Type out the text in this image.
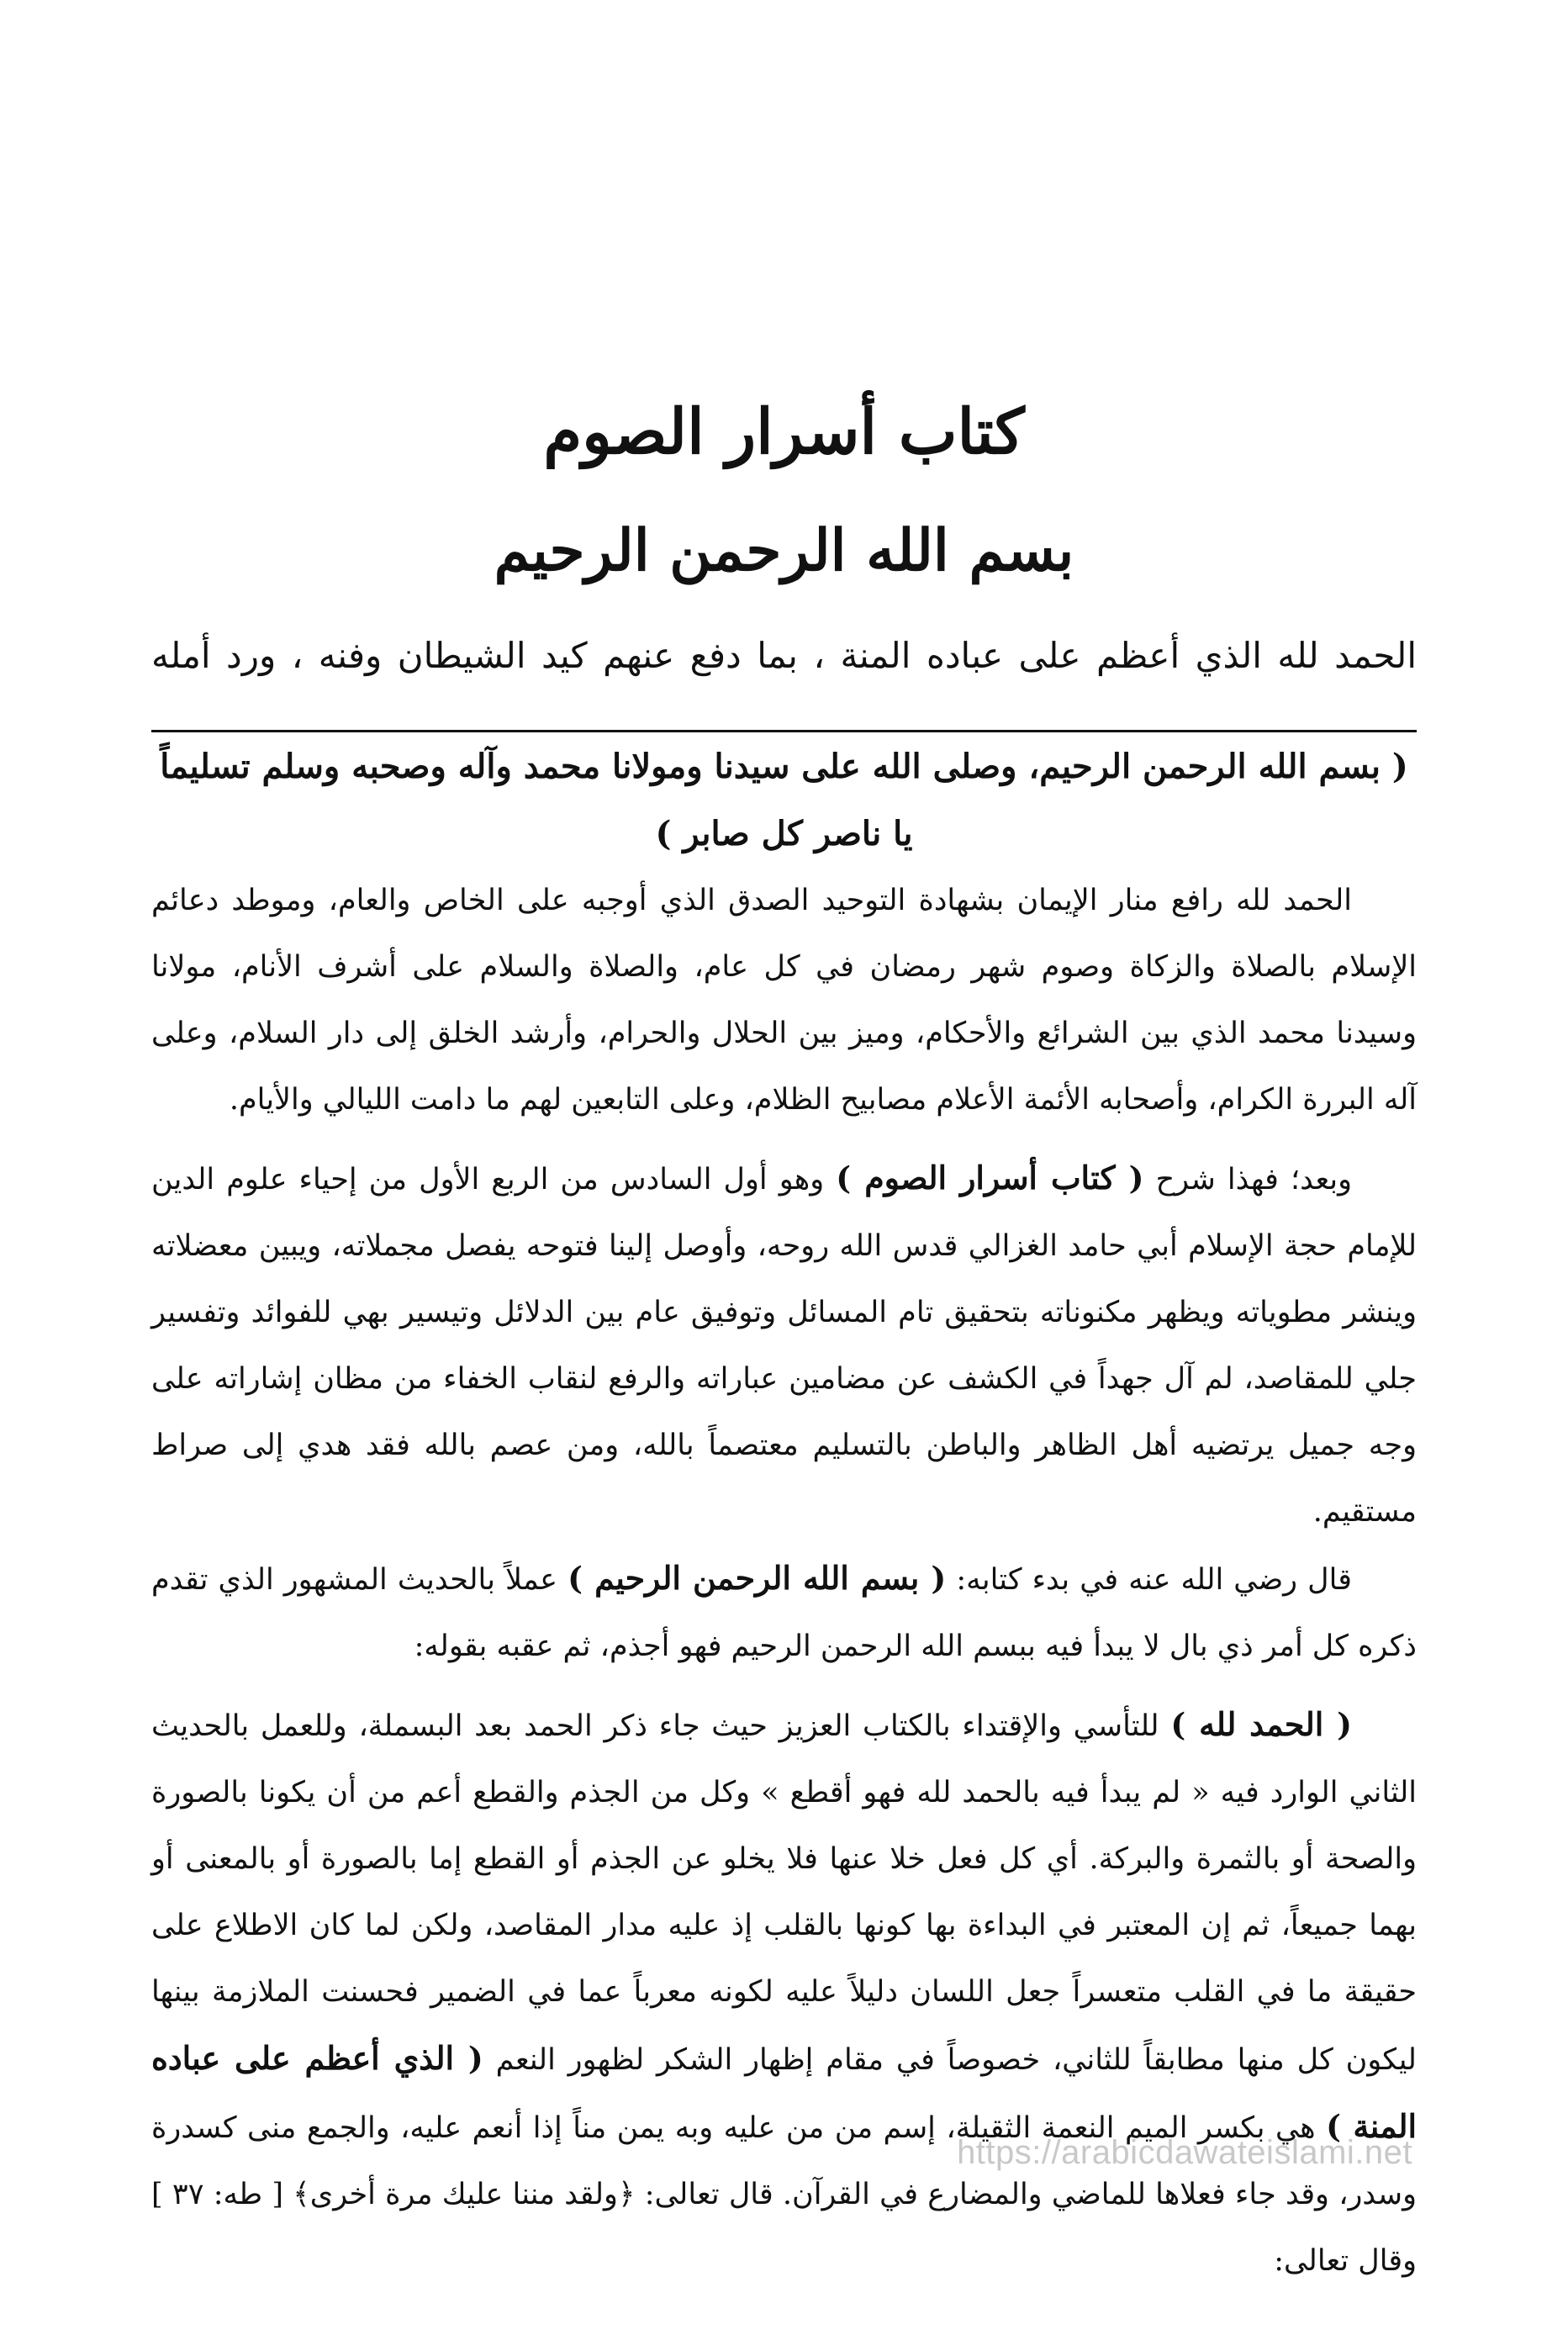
كتاب أسرار الصوم
بسم الله الرحمن الرحيم

الحمد لله الذي أعظم على عباده المنة ، بما دفع عنهم كيد الشيطان وفنه ، ورد أمله

( بسم الله الرحمن الرحيم، وصلى الله على سيدنا ومولانا محمد وآله وصحبه وسلم تسليماً يا ناصر كل صابر )

الحمد لله رافع منار الإيمان بشهادة التوحيد الصدق الذي أوجبه على الخاص والعام، وموطد دعائم الإسلام بالصلاة والزكاة وصوم شهر رمضان في كل عام، والصلاة والسلام على أشرف الأنام، مولانا وسيدنا محمد الذي بين الشرائع والأحكام، وميز بين الحلال والحرام، وأرشد الخلق إلى دار السلام، وعلى آله البررة الكرام، وأصحابه الأئمة الأعلام مصابيح الظلام، وعلى التابعين لهم ما دامت الليالي والأيام.

وبعد؛ فهذا شرح ( كتاب أسرار الصوم ) وهو أول السادس من الربع الأول من إحياء علوم الدين للإمام حجة الإسلام أبي حامد الغزالي قدس الله روحه، وأوصل إلينا فتوحه يفصل مجملاته، ويبين معضلاته وينشر مطوياته ويظهر مكنوناته بتحقيق تام المسائل وتوفيق عام بين الدلائل وتيسير بهي للفوائد وتفسير جلي للمقاصد، لم آل جهداً في الكشف عن مضامين عباراته والرفع لنقاب الخفاء من مظان إشاراته على وجه جميل يرتضيه أهل الظاهر والباطن بالتسليم معتصماً بالله، ومن عصم بالله فقد هدي إلى صراط مستقيم.

قال رضي الله عنه في بدء كتابه: ( بسم الله الرحمن الرحيم ) عملاً بالحديث المشهور الذي تقدم ذكره كل أمر ذي بال لا يبدأ فيه ببسم الله الرحمن الرحيم فهو أجذم، ثم عقبه بقوله:

( الحمد لله ) للتأسي والإقتداء بالكتاب العزيز حيث جاء ذكر الحمد بعد البسملة، وللعمل بالحديث الثاني الوارد فيه « لم يبدأ فيه بالحمد لله فهو أقطع » وكل من الجذم والقطع أعم من أن يكونا بالصورة والصحة أو بالثمرة والبركة. أي كل فعل خلا عنها فلا يخلو عن الجذم أو القطع إما بالصورة أو بالمعنى أو بهما جميعاً، ثم إن المعتبر في البداءة بها كونها بالقلب إذ عليه مدار المقاصد، ولكن لما كان الاطلاع على حقيقة ما في القلب متعسراً جعل اللسان دليلاً عليه لكونه معرباً عما في الضمير فحسنت الملازمة بينها ليكون كل منها مطابقاً للثاني، خصوصاً في مقام إظهار الشكر لظهور النعم ( الذي أعظم على عباده المنة ) هي بكسر الميم النعمة الثقيلة، إسم من من عليه وبه يمن مناً إذا أنعم عليه، والجمع منى كسدرة وسدر، وقد جاء فعلاها للماضي والمضارع في القرآن. قال تعالى: ﴿ولقد مننا عليك مرة أخرى﴾ [ طه: ٣٧ ] وقال تعالى:

https://arabicdawateislami.net
